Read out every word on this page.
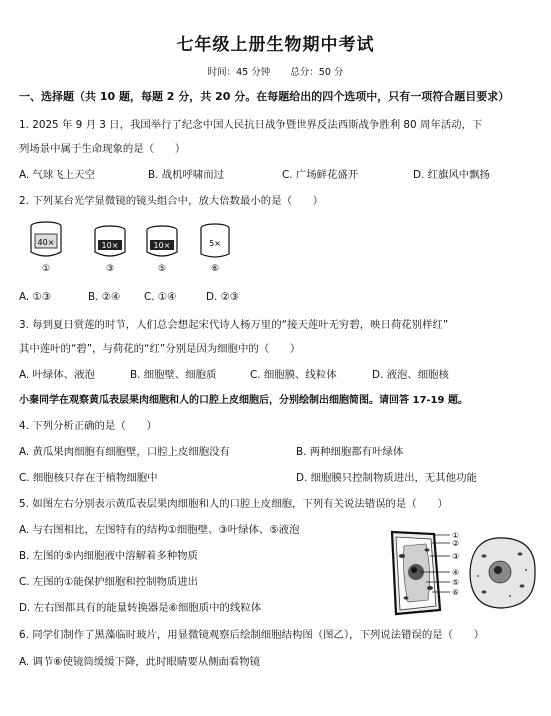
七年级上册生物期中考试
时间：45 分钟 总分：50 分
一、选择题（共 10 题，每题 2 分，共 20 分。在每题给出的四个选项中，只有一项符合题目要求）
1. 2025 年 9 月 3 日，我国举行了纪念中国人民抗日战争暨世界反法西斯战争胜利 80 周年活动，下
列场景中属于生命现象的是（　　）
A. 气球飞上天空	B. 战机呼啸而过	C. 广场鲜花盛开	D. 红旗风中飘扬
2. 下列某台光学显微镜的镜头组合中，放大倍数最小的是（　　）
40×
①
10×
③
10×
⑤
5×
⑥
A. ①③	B. ②④ C. ①④	D. ②③
3. 每到夏日赏莲的时节，人们总会想起宋代诗人杨万里的“接天莲叶无穷碧，映日荷花别样红”
其中莲叶的“碧”，与荷花的“红”分别是因为细胞中的（　　）
A. 叶绿体、液泡	B. 细胞壁、细胞质	C. 细胞膜、线粒体	D. 液泡、细胞核
小秦同学在观察黄瓜表层果肉细胞和人的口腔上皮细胞后，分别绘制出细胞简图。请回答 17-19 题。
4. 下列分析正确的是（　　）
A. 黄瓜果肉细胞有细胞壁，口腔上皮细胞没有	B. 两种细胞都有叶绿体
C. 细胞核只存在于植物细胞中	D. 细胞膜只控制物质进出，无其他功能
5. 如图左右分别表示黄瓜表层果肉细胞和人的口腔上皮细胞，下列有关说法错误的是（　　）
A. 与右图相比，左图特有的结构①细胞壁、③叶绿体、⑤液泡
B. 左图的⑤内细胞液中溶解着多种物质
C. 左图的①能保护细胞和控制物质进出
D. 左右图都具有的能量转换器是⑥细胞质中的线粒体
①
②
③
④
⑤
⑥
6. 同学们制作了黑藻临时玻片，用显微镜观察后绘制细胞结构图（图乙），下列说法错误的是（　　）
A. 调节⑥使镜筒缓缓下降，此时眼睛要从侧面看物镜
